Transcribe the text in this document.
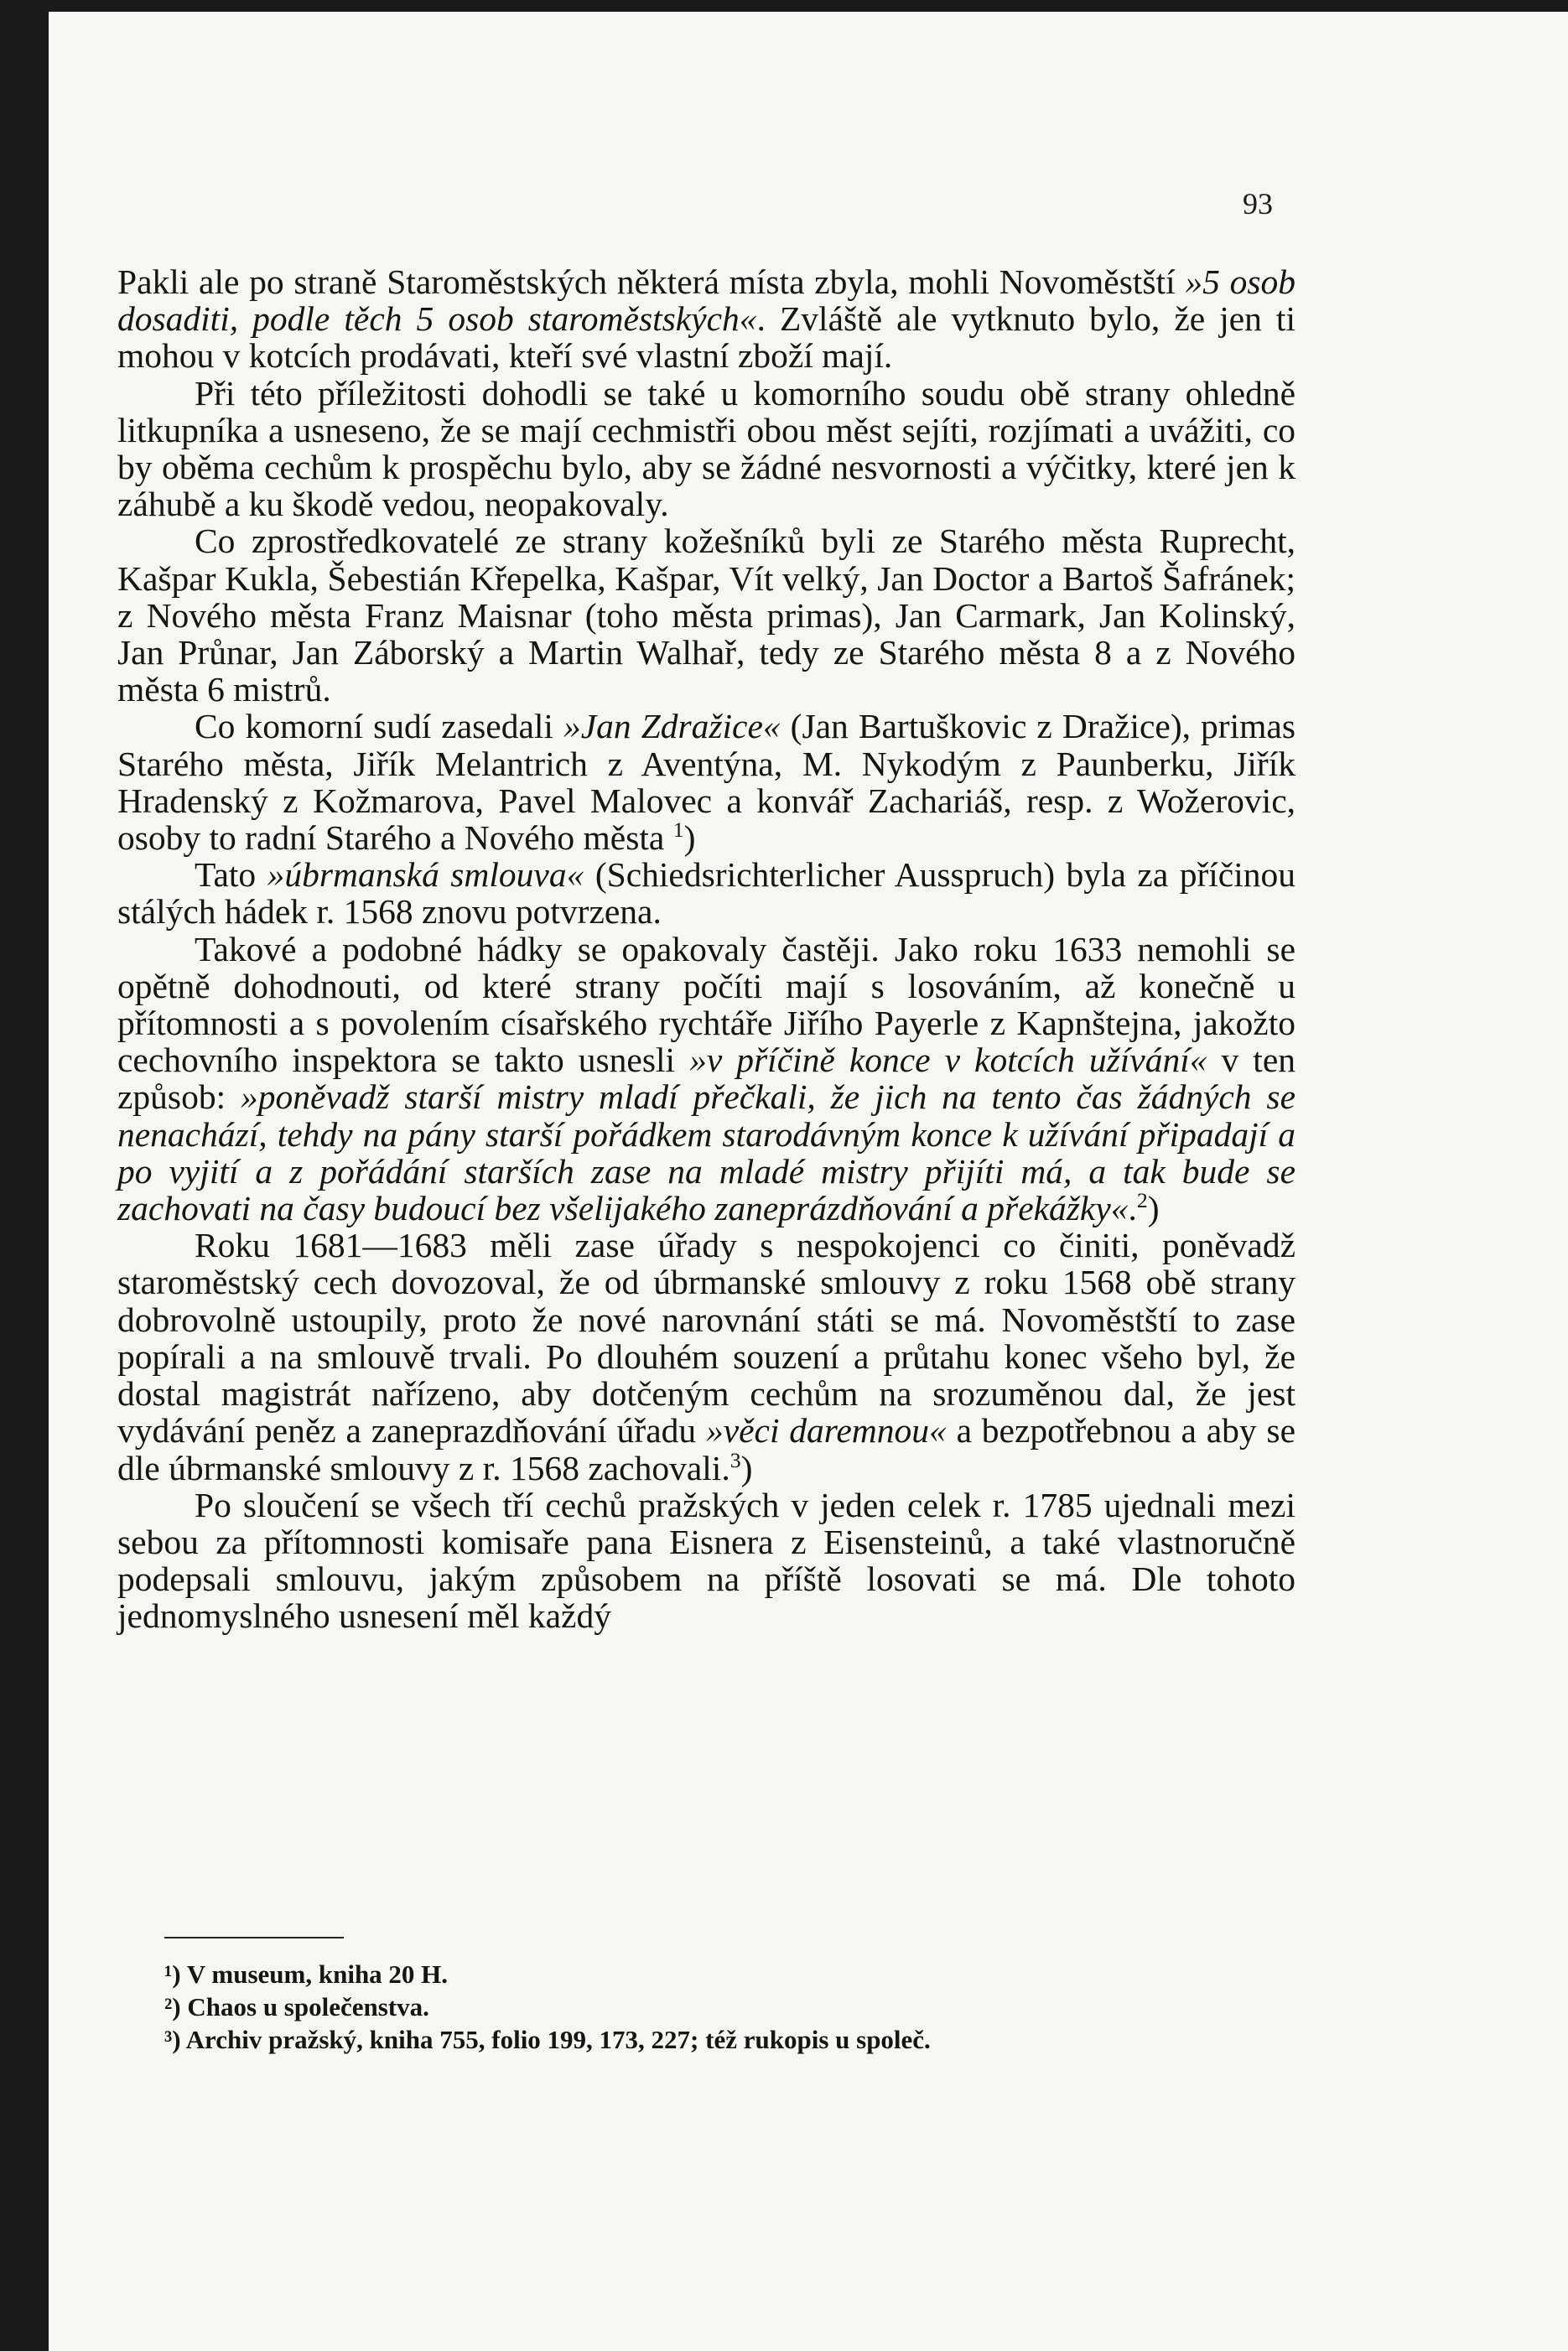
93

Pakli ale po straně Staroměstských některá místa zbyla, mohli Novoměstští »5 osob dosaditi, podle těch 5 osob staroměstských«. Zvláště ale vytknuto bylo, že jen ti mohou v kotcích prodávati, kteří své vlastní zboží mají.

Při této příležitosti dohodli se také u komorního soudu obě strany ohledně litkupníka a usneseno, že se mají cechmistři obou měst sejíti, rozjímati a uvážiti, co by oběma cechům k prospěchu bylo, aby se žádné nesvornosti a výčitky, které jen k záhubě a ku škodě vedou, neopakovaly.

Co zprostředkovatelé ze strany kožešníků byli ze Starého města Ruprecht, Kašpar Kukla, Šebestián Křepelka, Kašpar, Vít velký, Jan Doctor a Bartoš Šafránek; z Nového města Franz Maisnar (toho města primas), Jan Carmark, Jan Kolinský, Jan Průnar, Jan Záborský a Martin Walhař, tedy ze Starého města 8 a z Nového města 6 mistrů.

Co komorní sudí zasedali »Jan Zdražice« (Jan Bartuškovic z Dražice), primas Starého města, Jiřík Melantrich z Aventýna, M. Nykodým z Paunberku, Jiřík Hradenský z Kožmarova, Pavel Malovec a konvář Zachariáš, resp. z Wožerovic, osoby to radní Starého a Nového města $^1$)

Tato »úbrmanská smlouva« (Schiedsrichterlicher Ausspruch) byla za příčinou stálých hádek r. 1568 znovu potvrzena.

Takové a podobné hádky se opakovaly častěji. Jako roku 1633 nemohli se opětně dohodnouti, od které strany počíti mají s losováním, až konečně u přítomnosti a s povolením císařského rychtáře Jiřího Payerle z Kapnštejna, jakožto cechovního inspektora se takto usnesli »v příčině konce v kotcích užívání« v ten způsob: »poněvadž starší mistry mladí přečkali, že jich na tento čas žádných se nenachází, tehdy na pány starší pořádkem starodávným konce k užívání připadají a po vyjití a z pořádání starších zase na mladé mistry přijíti má, a tak bude se zachovati na časy budoucí bez všelijakého zaneprázdňování a překážky«.$^2$)

Roku 1681—1683 měli zase úřady s nespokojenci co činiti, poněvadž staroměstský cech dovozoval, že od úbrmanské smlouvy z roku 1568 obě strany dobrovolně ustoupily, proto že nové narovnání státi se má. Novoměstští to zase popírali a na smlouvě trvali. Po dlouhém souzení a průtahu konec všeho byl, že dostal magistrát nařízeno, aby dotčeným cechům na srozuměnou dal, že jest vydávání peněz a zaneprazdňování úřadu »věci daremnou« a bezpotřebnou a aby se dle úbrmanské smlouvy z r. 1568 zachovali.$^3$)

Po sloučení se všech tří cechů pražských v jeden celek r. 1785 ujednali mezi sebou za přítomnosti komisaře pana Eisnera z Eisensteinů, a také vlastnoručně podepsali smlouvu, jakým způsobem na příště losovati se má. Dle tohoto jednomyslného usnesení měl každý

¹) V museum, kniha 20 H.
²) Chaos u společenstva.
³) Archiv pražský, kniha 755, folio 199, 173, 227; též rukopis u společ.
